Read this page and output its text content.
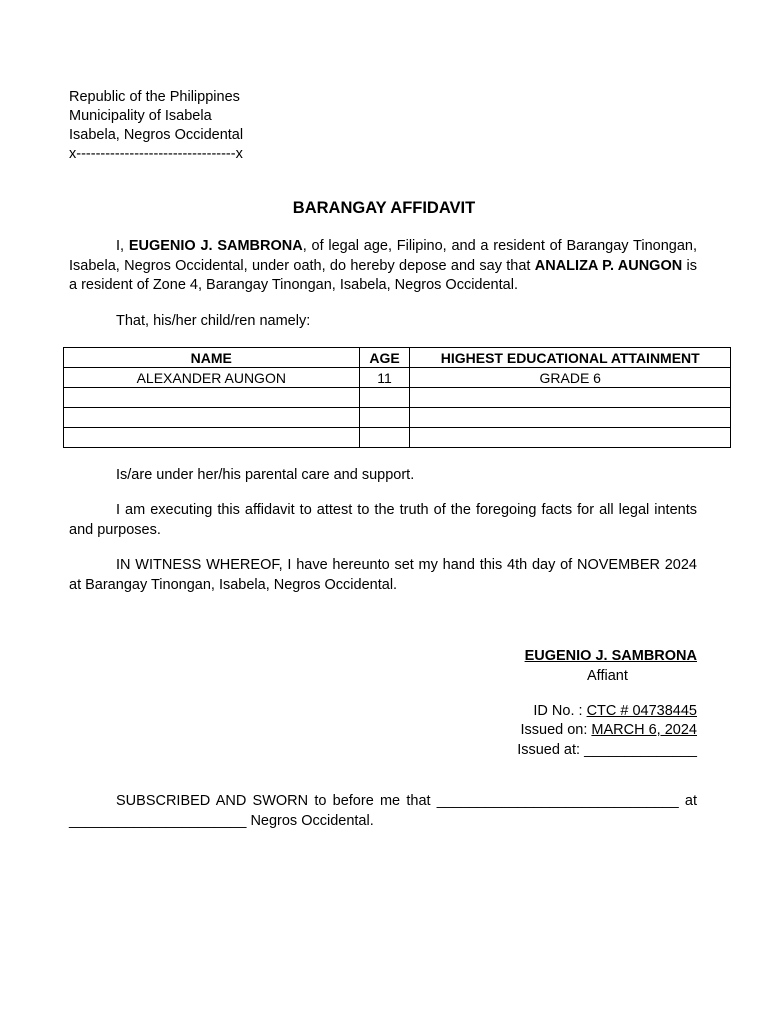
Republic of the Philippines
Municipality of Isabela
Isabela, Negros Occidental
x---------------------------------x
BARANGAY AFFIDAVIT
I, EUGENIO J. SAMBRONA, of legal age, Filipino, and a resident of Barangay Tinongan, Isabela, Negros Occidental, under oath, do hereby depose and say that ANALIZA P. AUNGON is a resident of Zone 4, Barangay Tinongan, Isabela, Negros Occidental.
That, his/her child/ren namely:
NAME	AGE	HIGHEST EDUCATIONAL ATTAINMENT
ALEXANDER AUNGON	11	GRADE 6

Is/are under her/his parental care and support.
I am executing this affidavit to attest to the truth of the foregoing facts for all legal intents and purposes.
IN WITNESS WHEREOF, I have hereunto set my hand this 4th day of NOVEMBER 2024 at Barangay Tinongan, Isabela, Negros Occidental.
EUGENIO J. SAMBRONA
Affiant
ID No. : CTC # 04738445
Issued on: MARCH 6, 2024
Issued at: ______________
SUBSCRIBED AND SWORN to before me that ______________________________ at ______________________ Negros Occidental.
